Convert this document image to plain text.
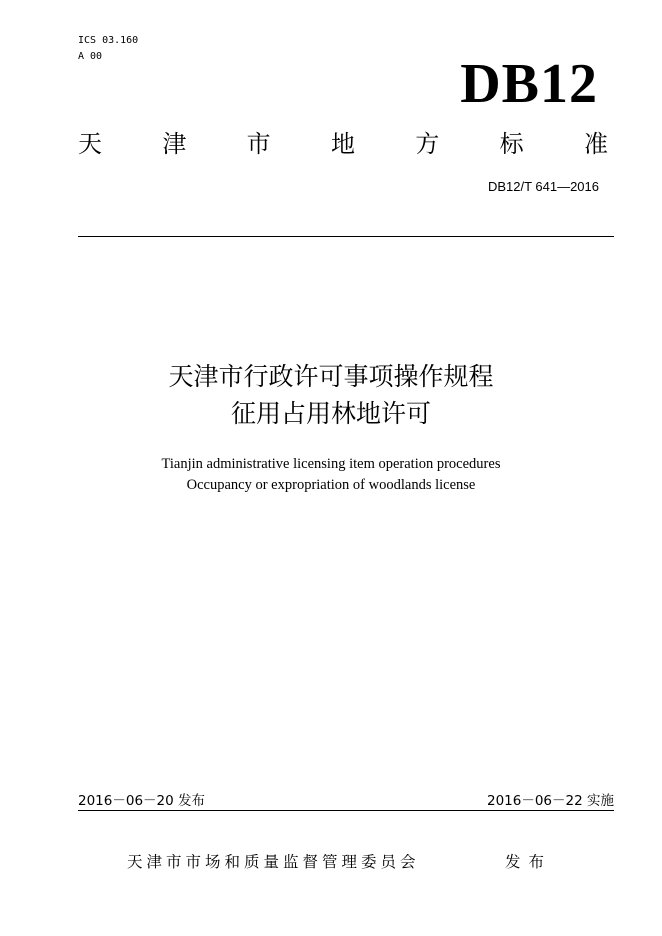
ICS 03.160
A 00	DB12
天	津	市	地	方	标	准
DB12/T 641—2016
天津市行政许可事项操作规程
征用占用林地许可
Tianjin administrative licensing item operation procedures
Occupancy or expropriation of woodlands license
2016－06－20 发布	2016－06－22 实施
天津市市场和质量监督管理委员会	发布
